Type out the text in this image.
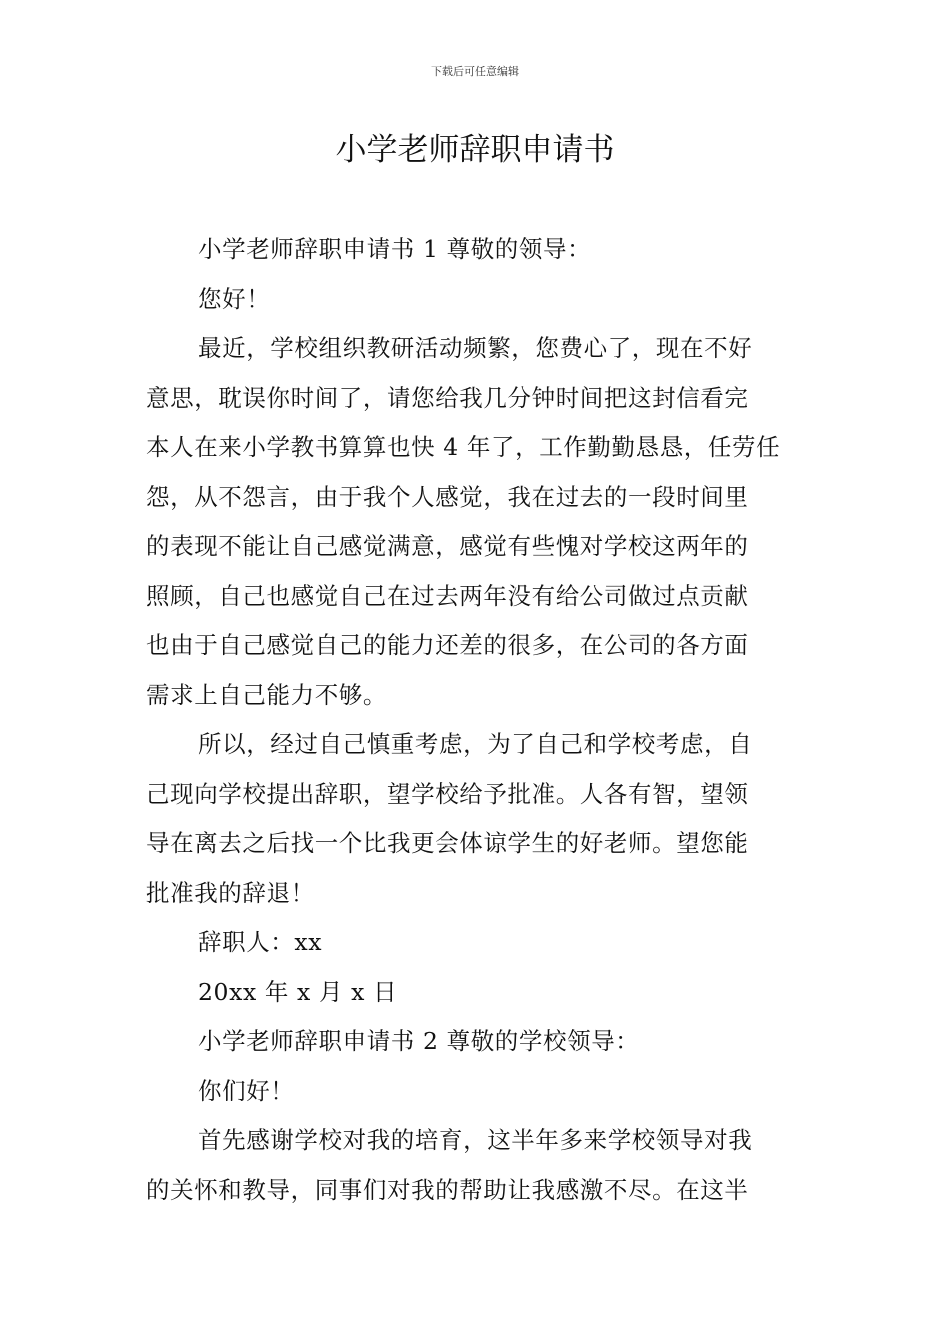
下载后可任意编辑
小学老师辞职申请书
小学老师辞职申请书 1 尊敬的领导：
您好！
最近，学校组织教研活动频繁，您费心了，现在不好
意思，耽误你时间了，请您给我几分钟时间把这封信看完
本人在来小学教书算算也快 4 年了，工作勤勤恳恳，任劳任
怨，从不怨言，由于我个人感觉，我在过去的一段时间里
的表现不能让自己感觉满意，感觉有些愧对学校这两年的
照顾，自己也感觉自己在过去两年没有给公司做过点贡献
也由于自己感觉自己的能力还差的很多，在公司的各方面
需求上自己能力不够。
所以，经过自己慎重考虑，为了自己和学校考虑，自
己现向学校提出辞职，望学校给予批准。人各有智，望领
导在离去之后找一个比我更会体谅学生的好老师。望您能
批准我的辞退！
辞职人：xx
20xx 年 x 月 x 日
小学老师辞职申请书 2 尊敬的学校领导：
你们好！
首先感谢学校对我的培育，这半年多来学校领导对我
的关怀和教导，同事们对我的帮助让我感激不尽。在这半
